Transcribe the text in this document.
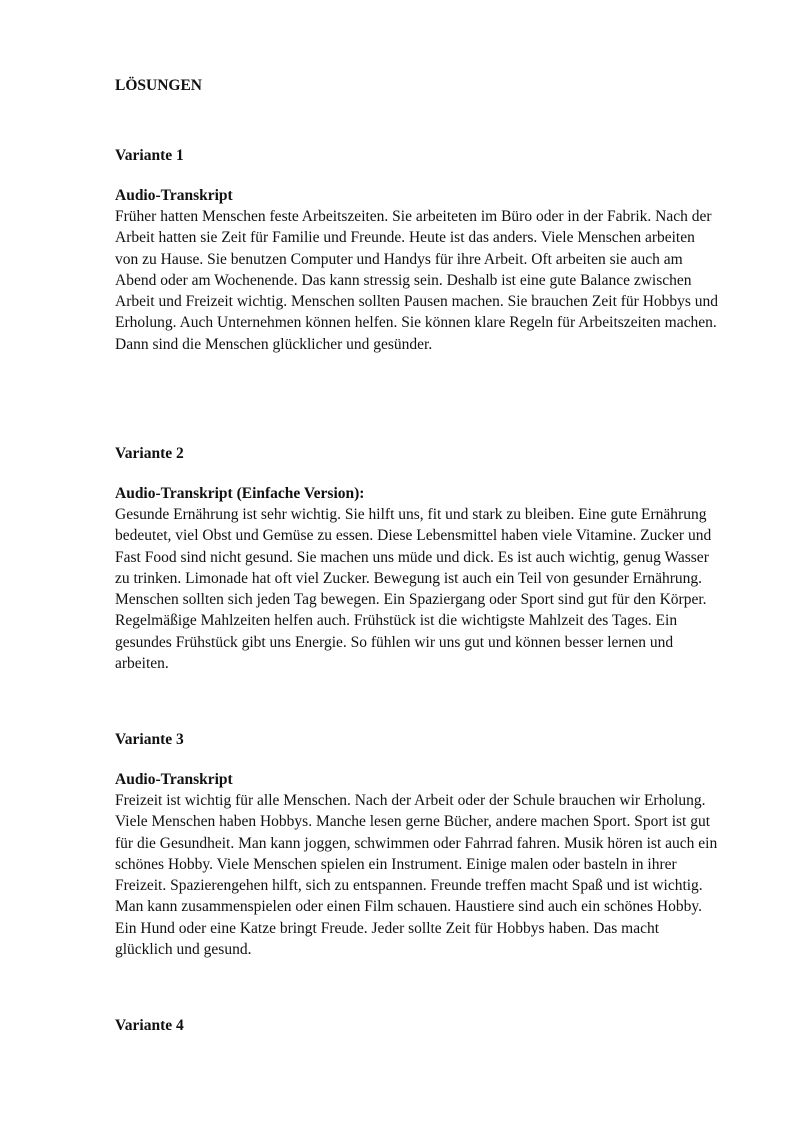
LÖSUNGEN
Variante 1
Audio-Transkript

Früher hatten Menschen feste Arbeitszeiten. Sie arbeiteten im Büro oder in der Fabrik. Nach der
Arbeit hatten sie Zeit für Familie und Freunde. Heute ist das anders. Viele Menschen arbeiten
von zu Hause. Sie benutzen Computer und Handys für ihre Arbeit. Oft arbeiten sie auch am
Abend oder am Wochenende. Das kann stressig sein. Deshalb ist eine gute Balance zwischen
Arbeit und Freizeit wichtig. Menschen sollten Pausen machen. Sie brauchen Zeit für Hobbys und
Erholung. Auch Unternehmen können helfen. Sie können klare Regeln für Arbeitszeiten machen.
Dann sind die Menschen glücklicher und gesünder.

Variante 2
Audio-Transkript (Einfache Version):

Gesunde Ernährung ist sehr wichtig. Sie hilft uns, fit und stark zu bleiben. Eine gute Ernährung
bedeutet, viel Obst und Gemüse zu essen. Diese Lebensmittel haben viele Vitamine. Zucker und
Fast Food sind nicht gesund. Sie machen uns müde und dick. Es ist auch wichtig, genug Wasser
zu trinken. Limonade hat oft viel Zucker. Bewegung ist auch ein Teil von gesunder Ernährung.
Menschen sollten sich jeden Tag bewegen. Ein Spaziergang oder Sport sind gut für den Körper.
Regelmäßige Mahlzeiten helfen auch. Frühstück ist die wichtigste Mahlzeit des Tages. Ein
gesundes Frühstück gibt uns Energie. So fühlen wir uns gut und können besser lernen und
arbeiten.

Variante 3
Audio-Transkript

Freizeit ist wichtig für alle Menschen. Nach der Arbeit oder der Schule brauchen wir Erholung.
Viele Menschen haben Hobbys. Manche lesen gerne Bücher, andere machen Sport. Sport ist gut
für die Gesundheit. Man kann joggen, schwimmen oder Fahrrad fahren. Musik hören ist auch ein
schönes Hobby. Viele Menschen spielen ein Instrument. Einige malen oder basteln in ihrer
Freizeit. Spazierengehen hilft, sich zu entspannen. Freunde treffen macht Spaß und ist wichtig.
Man kann zusammenspielen oder einen Film schauen. Haustiere sind auch ein schönes Hobby.
Ein Hund oder eine Katze bringt Freude. Jeder sollte Zeit für Hobbys haben. Das macht
glücklich und gesund.

Variante 4
